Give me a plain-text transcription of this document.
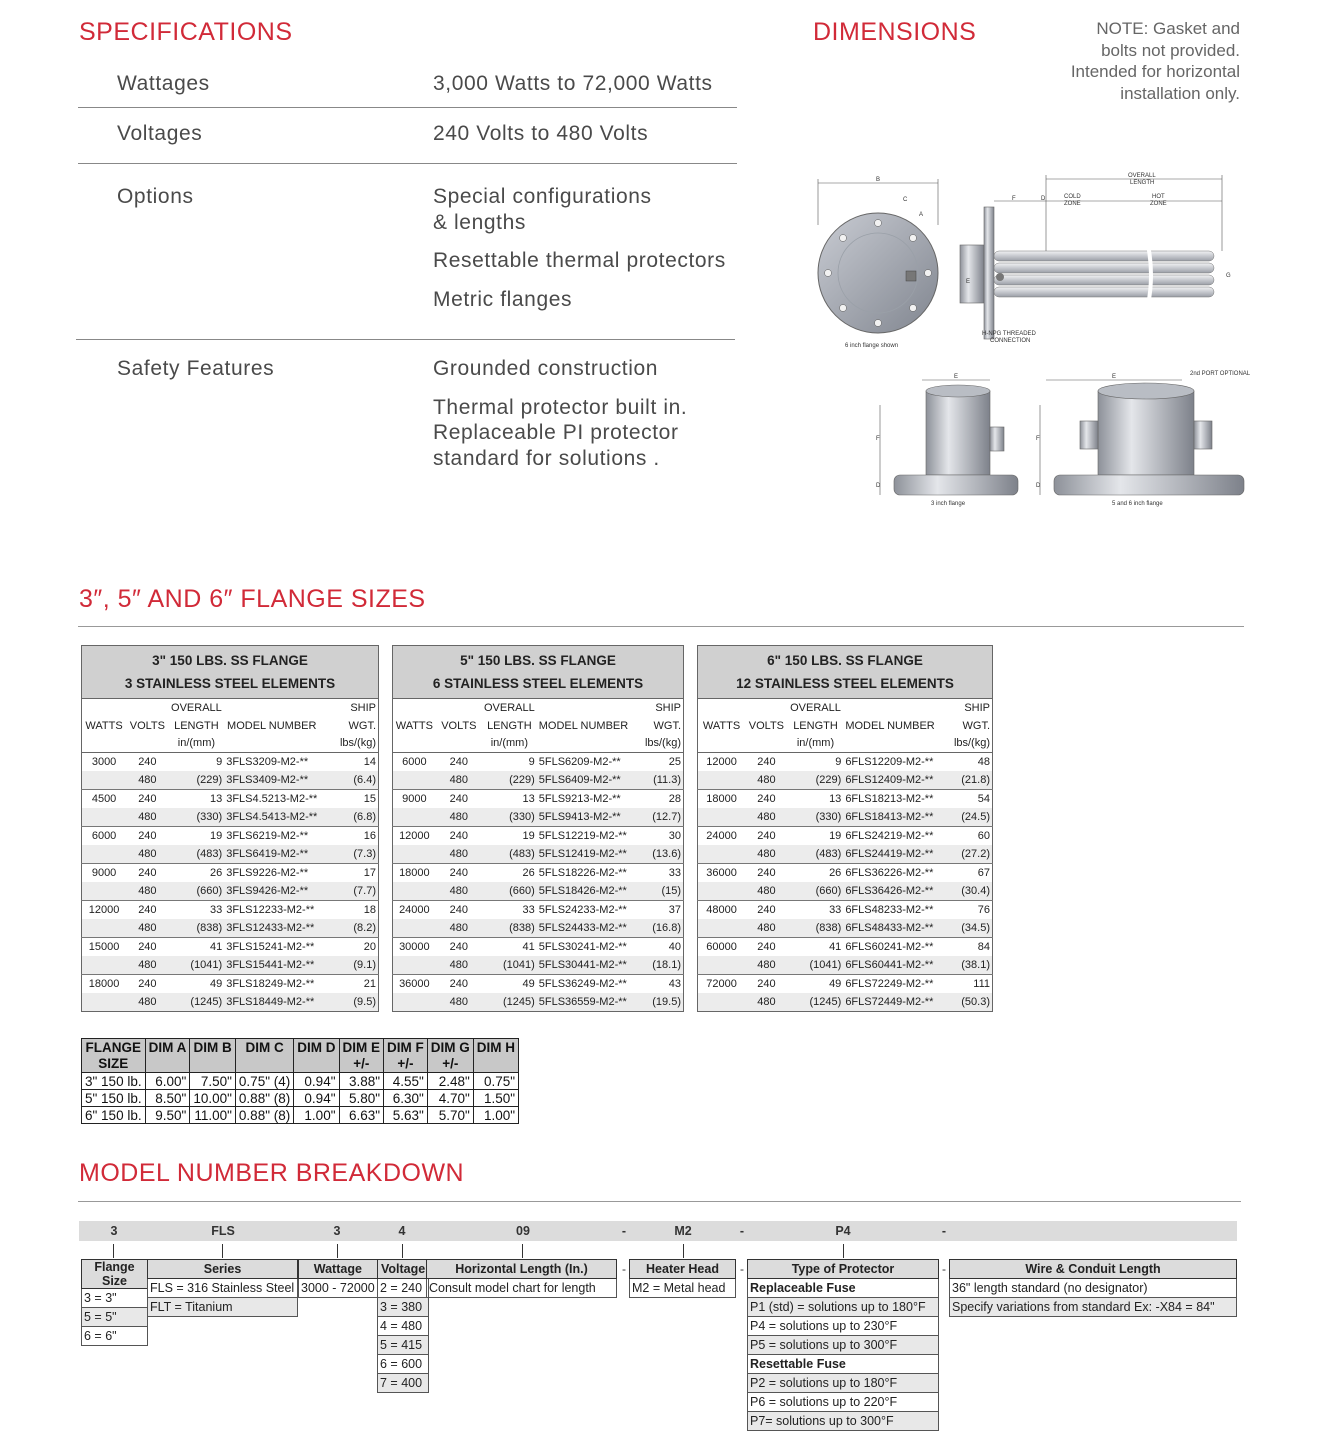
SPECIFICATIONS
Wattages	3,000 Watts to 72,000 Watts
Voltages	240 Volts to 480 Volts
Options	Special configurations
& lengths
Resettable thermal protectors
Metric flanges
Safety Features	Grounded construction
Thermal protector built in.
Replaceable PI protector
standard for solutions .
DIMENSIONS	NOTE: Gasket and bolts not provided. Intended for horizontal installation only.
B
C
A
6 inch flange shown
OVERALL
LENGTH
F	D	COLD
ZONE
HOT
ZONE
E
G
H-NPG THREADED
CONNECTION
E
F
D
3 inch flange
E	2nd PORT OPTIONAL
F
D
5 and 6 inch flange
3″, 5″ AND 6″ FLANGE SIZES
3" 150 LBS. SS FLANGE
3 STAINLESS STEEL ELEMENTS				

		OVERALL		SHIP
WATTS	VOLTS	LENGTH	MODEL NUMBER	WGT.
		in/(mm)		lbs/(kg)
3000	240	9	3FLS3209-M2-**	14
	480	(229)	3FLS3409-M2-**	(6.4)
4500	240	13	3FLS4.5213-M2-**	15
	480	(330)	3FLS4.5413-M2-**	(6.8)
6000	240	19	3FLS6219-M2-**	16
	480	(483)	3FLS6419-M2-**	(7.3)
9000	240	26	3FLS9226-M2-**	17
	480	(660)	3FLS9426-M2-**	(7.7)
12000	240	33	3FLS12233-M2-**	18
	480	(838)	3FLS12433-M2-**	(8.2)
15000	240	41	3FLS15241-M2-**	20
	480	(1041)	3FLS15441-M2-**	(9.1)
18000	240	49	3FLS18249-M2-**	21
	480	(1245)	3FLS18449-M2-**	(9.5)
5" 150 LBS. SS FLANGE
6 STAINLESS STEEL ELEMENTS				

		OVERALL		SHIP
WATTS	VOLTS	LENGTH	MODEL NUMBER	WGT.
		in/(mm)		lbs/(kg)
6000	240	9	5FLS6209-M2-**	25
	480	(229)	5FLS6409-M2-**	(11.3)
9000	240	13	5FLS9213-M2-**	28
	480	(330)	5FLS9413-M2-**	(12.7)
12000	240	19	5FLS12219-M2-**	30
	480	(483)	5FLS12419-M2-**	(13.6)
18000	240	26	5FLS18226-M2-**	33
	480	(660)	5FLS18426-M2-**	(15)
24000	240	33	5FLS24233-M2-**	37
	480	(838)	5FLS24433-M2-**	(16.8)
30000	240	41	5FLS30241-M2-**	40
	480	(1041)	5FLS30441-M2-**	(18.1)
36000	240	49	5FLS36249-M2-**	43
	480	(1245)	5FLS36559-M2-**	(19.5)
6" 150 LBS. SS FLANGE
12 STAINLESS STEEL ELEMENTS				

		OVERALL		SHIP
WATTS	VOLTS	LENGTH	MODEL NUMBER	WGT.
		in/(mm)		lbs/(kg)
12000	240	9	6FLS12209-M2-**	48
	480	(229)	6FLS12409-M2-**	(21.8)
18000	240	13	6FLS18213-M2-**	54
	480	(330)	6FLS18413-M2-**	(24.5)
24000	240	19	6FLS24219-M2-**	60
	480	(483)	6FLS24419-M2-**	(27.2)
36000	240	26	6FLS36226-M2-**	67
	480	(660)	6FLS36426-M2-**	(30.4)
48000	240	33	6FLS48233-M2-**	76
	480	(838)	6FLS48433-M2-**	(34.5)
60000	240	41	6FLS60241-M2-**	84
	480	(1041)	6FLS60441-M2-**	(38.1)
72000	240	49	6FLS72249-M2-**	111
	480	(1245)	6FLS72449-M2-**	(50.3)
FLANGE	DIM A	DIM B	DIM C	DIM D	DIM E	DIM F	DIM G	DIM H
SIZE					+/-	+/-	+/-	
3" 150 lb.	6.00"	7.50"	0.75" (4)	0.94"	3.88"	4.55"	2.48"	0.75"
5" 150 lb.	8.50"	10.00"	0.88" (8)	0.94"	5.80"	6.30"	4.70"	1.50"
6" 150 lb.	9.50"	11.00"	0.88" (8)	1.00"	6.63"	5.63"	5.70"	1.00"
MODEL NUMBER BREAKDOWN
3	FLS	3	4	09	-	M2	-	P4	-
-	-	-
Flange Size
3 = 3"
5 = 5"
6 = 6"
Series
FLS = 316 Stainless Steel
FLT = Titanium
Wattage
3000 - 72000
Voltage
2 = 240
3 = 380
4 = 480
5 = 415
6 = 600
7 = 400
Horizontal Length (In.)
Consult model chart for length
Heater Head
M2 = Metal head
Type of Protector
Replaceable Fuse
P1 (std) = solutions up to 180°F
P4 = solutions up to 230°F
P5 = solutions up to 300°F
Resettable Fuse
P2 = solutions up to 180°F
P6 = solutions up to 220°F
P7= solutions up to 300°F
Wire & Conduit Length
36" length standard (no designator)
Specify variations from standard Ex: -X84 = 84"
